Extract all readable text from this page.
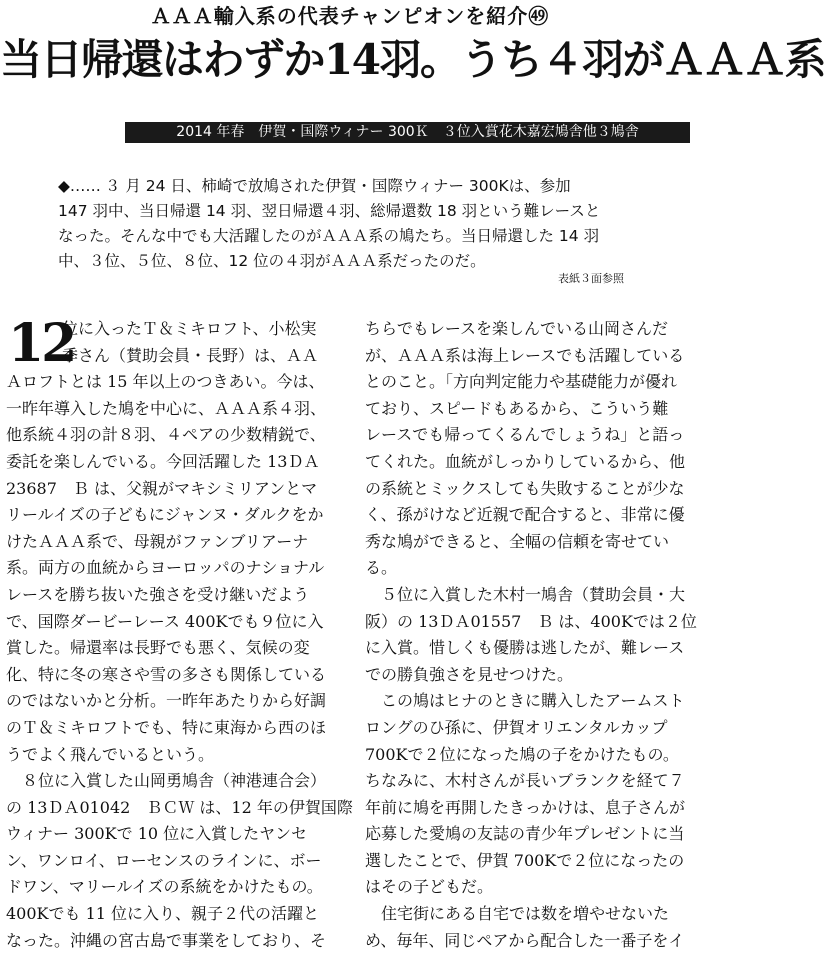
ＡＡＡ輸入系の代表チャンピオンを紹介㊾
当日帰還はわずか14羽。うち４羽がＡＡＡ系
2014 年春　伊賀・国際ウィナー 300Ｋ　３位入賞花木嘉宏鳩舎他３鳩舎
◆…… ３ 月 24 日、柿崎で放鳩された伊賀・国際ウィナー 300Kは、参加
147 羽中、当日帰還 14 羽、翌日帰還４羽、総帰還数 18 羽という難レースと
なった。そんな中でも大活躍したのがＡＡＡ系の鳩たち。当日帰還した 14 羽
中、３位、５位、８位、12 位の４羽がＡＡＡ系だったのだ。
表紙３面参照
12
位に入ったＴ＆ミキロフト、小松実
季さん（賛助会員・長野）は、ＡＡ
Ａロフトとは 15 年以上のつきあい。今は、
一昨年導入した鳩を中心に、ＡＡＡ系４羽、
他系統４羽の計８羽、４ペアの少数精鋭で、
委託を楽しんでいる。今回活躍した 13ＤＡ
23687　Ｂ は、父親がマキシミリアンとマ
リールイズの子どもにジャンヌ・ダルクをか
けたＡＡＡ系で、母親がファンブリアーナ
系。両方の血統からヨーロッパのナショナル
レースを勝ち抜いた強さを受け継いだよう
で、国際ダービーレース 400Kでも９位に入
賞した。帰還率は長野でも悪く、気候の変
化、特に冬の寒さや雪の多さも関係している
のではないかと分析。一昨年あたりから好調
のＴ＆ミキロフトでも、特に東海から西のほ
うでよく飛んでいるという。
８位に入賞した山岡勇鳩舎（神港連合会）
の 13ＤＡ01042　ＢＣＷ は、12 年の伊賀国際
ウィナー 300Kで 10 位に入賞したヤンセ
ン、ワンロイ、ローセンスのラインに、ボー
ドワン、マリールイズの系統をかけたもの。
400Kでも 11 位に入り、親子２代の活躍と
なった。沖縄の宮古島で事業をしており、そ
ちらでもレースを楽しんでいる山岡さんだ
が、ＡＡＡ系は海上レースでも活躍している
とのこと。「方向判定能力や基礎能力が優れ
ており、スピードもあるから、こういう難
レースでも帰ってくるんでしょうね」と語っ
てくれた。血統がしっかりしているから、他
の系統とミックスしても失敗することが少な
く、孫がけなど近親で配合すると、非常に優
秀な鳩ができると、全幅の信頼を寄せてい
る。
５位に入賞した木村一鳩舎（賛助会員・大
阪）の 13ＤＡ01557　Ｂ は、400Kでは２位
に入賞。惜しくも優勝は逃したが、難レース
での勝負強さを見せつけた。
この鳩はヒナのときに購入したアームスト
ロングのひ孫に、伊賀オリエンタルカップ
700Kで２位になった鳩の子をかけたもの。
ちなみに、木村さんが長いブランクを経て７
年前に鳩を再開したきっかけは、息子さんが
応募した愛鳩の友誌の青少年プレゼントに当
選したことで、伊賀 700Kで２位になったの
はその子どもだ。
住宅街にある自宅では数を増やせないた
め、毎年、同じペアから配合した一番子をイ
